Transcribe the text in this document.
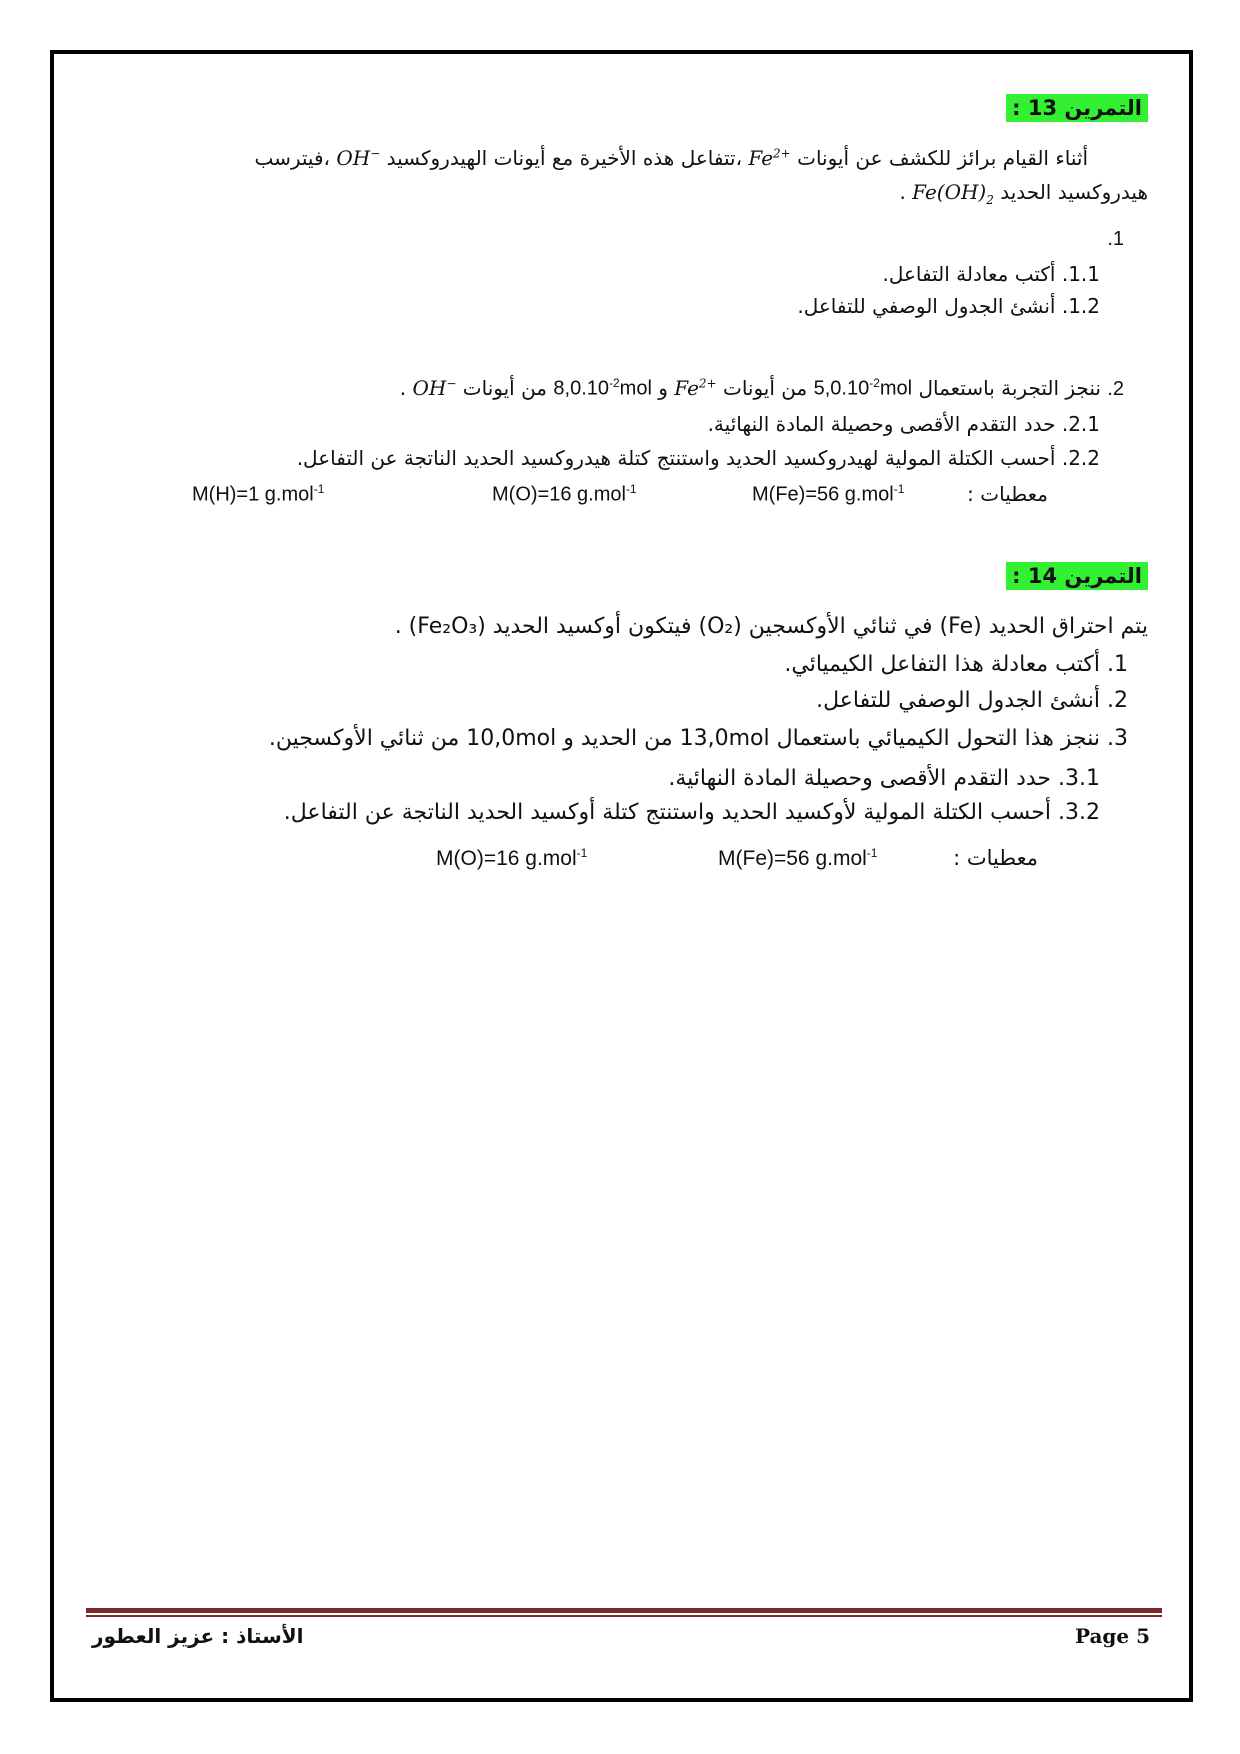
التمرين 13 :
أثناء القيام برائز للكشف عن أيونات $Fe^{2+}$ ،تتفاعل هذه الأخيرة مع أيونات الهيدروكسيد OH− ،فيترسب
هيدروكسيد الحديد $Fe(OH)_2$ .
1.
1.1. أكتب معادلة التفاعل.
1.2. أنشئ الجدول الوصفي للتفاعل.
2. ننجز التجربة باستعمال $5,0.10^{-2}mol$ من أيونات $Fe^{2+}$ و $8,0.10^{-2}mol$ من أيونات OH− .
2.1. حدد التقدم الأقصى وحصيلة المادة النهائية.
2.2. أحسب الكتلة المولية لهيدروكسيد الحديد واستنتج كتلة هيدروكسيد الحديد الناتجة عن التفاعل.
معطيات :
M(Fe)=56 g.mol$^{-1}$
M(O)=16 g.mol$^{-1}$
M(H)=1 g.mol$^{-1}$
التمرين 14 :
يتم احتراق الحديد (Fe) في ثنائي الأوكسجين (O₂) فيتكون أوكسيد الحديد (Fe₂O₃) .
1. أكتب معادلة هذا التفاعل الكيميائي.
2. أنشئ الجدول الوصفي للتفاعل.
3. ننجز هذا التحول الكيميائي باستعمال 13,0mol من الحديد و 10,0mol من ثنائي الأوكسجين.
3.1. حدد التقدم الأقصى وحصيلة المادة النهائية.
3.2. أحسب الكتلة المولية لأوكسيد الحديد واستنتج كتلة أوكسيد الحديد الناتجة عن التفاعل.
معطيات :
M(Fe)=56 g.mol$^{-1}$
M(O)=16 g.mol$^{-1}$
الأستاذ : عزيز العطور	Page 5
